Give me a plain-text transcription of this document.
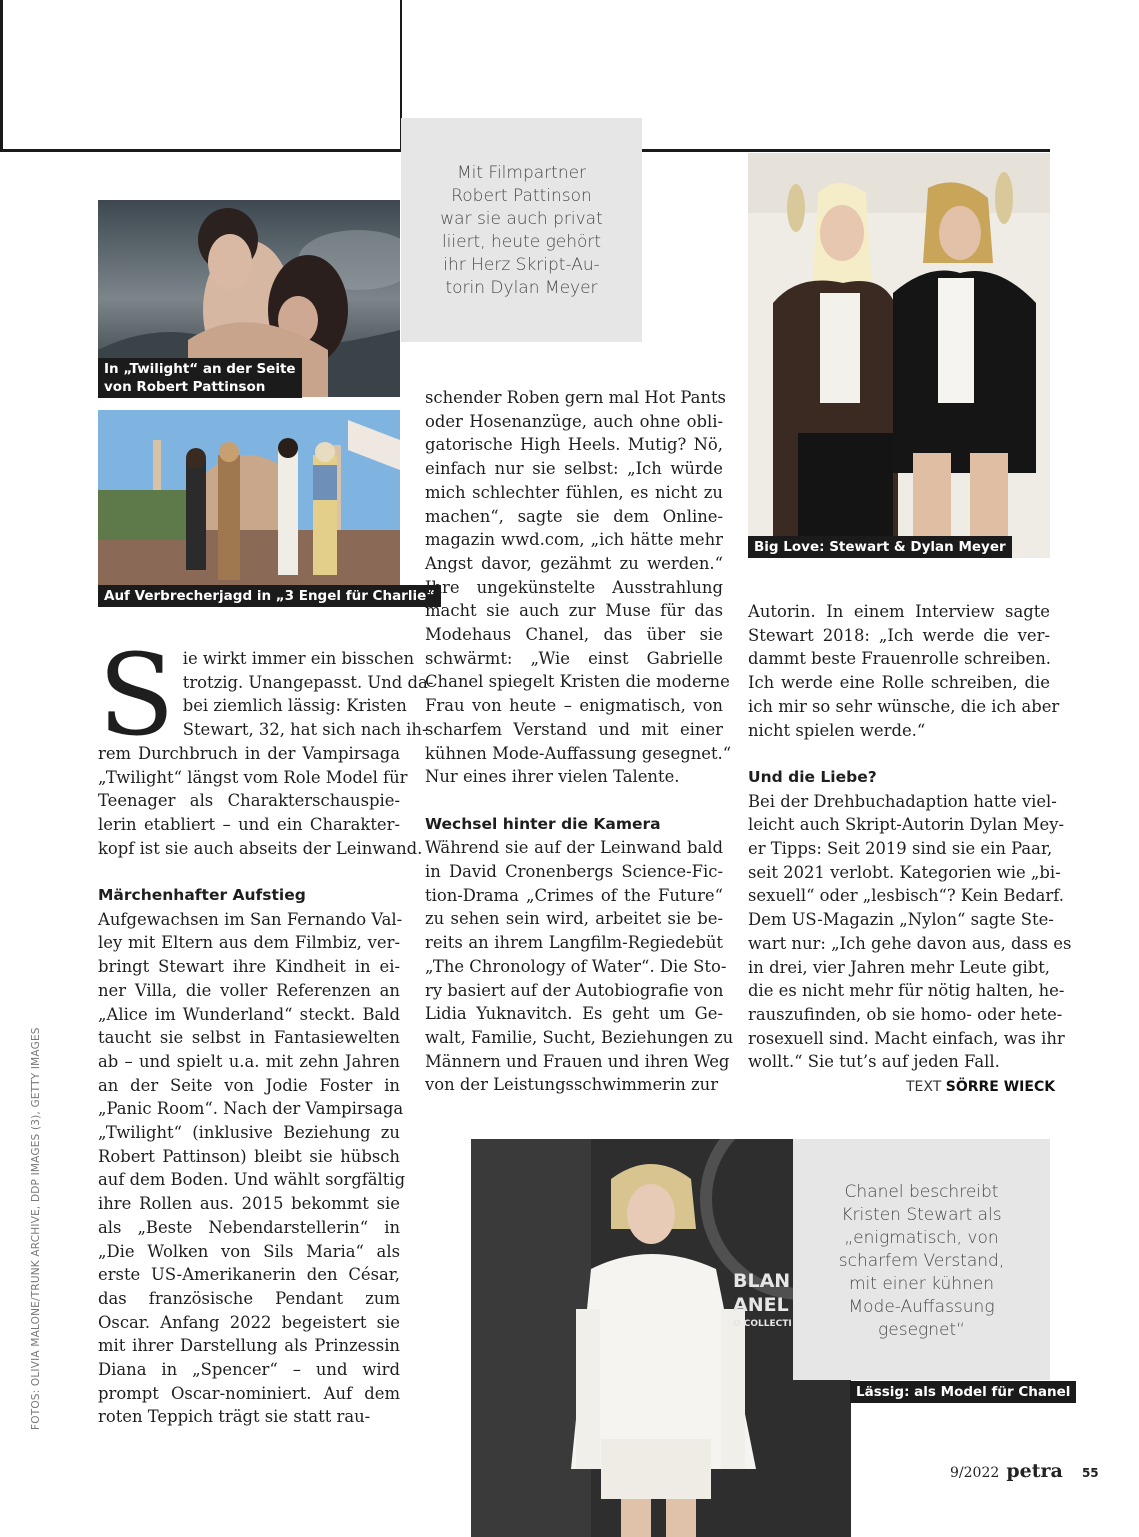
In „Twilight“ an der Seite
von Robert Pattinson
Auf Verbrecherjagd in „3 Engel für Charlie“
Mit Filmpartner
Robert Pattinson
war sie auch privat
liiert, heute gehört
ihr Herz Skript-Au-
torin Dylan Meyer
Big Love: Stewart & Dylan Meyer
BLAN
ANEL
O COLLECTI
Chanel beschreibt
Kristen Stewart als
„enigmatisch, von
scharfem Verstand,
mit einer kühnen
Mode-Auffassung
gesegnet“
Lässig: als Model für Chanel
S ie wirkt immer ein bisschen
trotzig. Unangepasst. Und da-
bei ziemlich lässig: Kristen
Stewart, 32, hat sich nach ih-
rem Durchbruch in der Vampirsaga
„Twilight“ längst vom Role Model für
Teenager als Charakterschauspie-
lerin etabliert – und ein Charakter-
kopf ist sie auch abseits der Leinwand.
Märchenhafter Aufstieg
Aufgewachsen im San Fernando Val-
ley mit Eltern aus dem Filmbiz, ver-
bringt Stewart ihre Kindheit in ei-
ner Villa, die voller Referenzen an
„Alice im Wunderland“ steckt. Bald
taucht sie selbst in Fantasiewelten
ab – und spielt u.a. mit zehn Jahren
an der Seite von Jodie Foster in
„Panic Room“. Nach der Vampirsaga
„Twilight“ (inklusive Beziehung zu
Robert Pattinson) bleibt sie hübsch
auf dem Boden. Und wählt sorgfältig
ihre Rollen aus. 2015 bekommt sie
als „Beste Nebendarstellerin“ in
„Die Wolken von Sils Maria“ als
erste US-Amerikanerin den César,
das französische Pendant zum
Oscar. Anfang 2022 begeistert sie
mit ihrer Darstellung als Prinzessin
Diana in „Spencer“ – und wird
prompt Oscar-nominiert. Auf dem
roten Teppich trägt sie statt rau-
schender Roben gern mal Hot Pants
oder Hosenanzüge, auch ohne obli-
gatorische High Heels. Mutig? Nö,
einfach nur sie selbst: „Ich würde
mich schlechter fühlen, es nicht zu
machen“, sagte sie dem Online-
magazin wwd.com, „ich hätte mehr
Angst davor, gezähmt zu werden.“
Ihre ungekünstelte Ausstrahlung
macht sie auch zur Muse für das
Modehaus Chanel, das über sie
schwärmt: „Wie einst Gabrielle
Chanel spiegelt Kristen die moderne
Frau von heute – enigmatisch, von
scharfem Verstand und mit einer
kühnen Mode-Auffassung gesegnet.“
Nur eines ihrer vielen Talente.
Wechsel hinter die Kamera
Während sie auf der Leinwand bald
in David Cronenbergs Science-Fic-
tion-Drama „Crimes of the Future“
zu sehen sein wird, arbeitet sie be-
reits an ihrem Langfilm-Regiedebüt
„The Chronology of Water“. Die Sto-
ry basiert auf der Autobiografie von
Lidia Yuknavitch. Es geht um Ge-
walt, Familie, Sucht, Beziehungen zu
Männern und Frauen und ihren Weg
von der Leistungsschwimmerin zur
Autorin. In einem Interview sagte
Stewart 2018: „Ich werde die ver-
dammt beste Frauenrolle schreiben.
Ich werde eine Rolle schreiben, die
ich mir so sehr wünsche, die ich aber
nicht spielen werde.“
Und die Liebe?
Bei der Drehbuchadaption hatte viel-
leicht auch Skript-Autorin Dylan Mey-
er Tipps: Seit 2019 sind sie ein Paar,
seit 2021 verlobt. Kategorien wie „bi-
sexuell“ oder „lesbisch“? Kein Bedarf.
Dem US-Magazin „Nylon“ sagte Ste-
wart nur: „Ich gehe davon aus, dass es
in drei, vier Jahren mehr Leute gibt,
die es nicht mehr für nötig halten, he-
rauszufinden, ob sie homo- oder hete-
rosexuell sind. Macht einfach, was ihr
wollt.“ Sie tut’s auf jeden Fall.
TEXT SÖRRE WIECK
FOTOS: OLIVIA MALONE/TRUNK ARCHIVE, DDP IMAGES (3), GETTY IMAGES
9/2022 petra 55
